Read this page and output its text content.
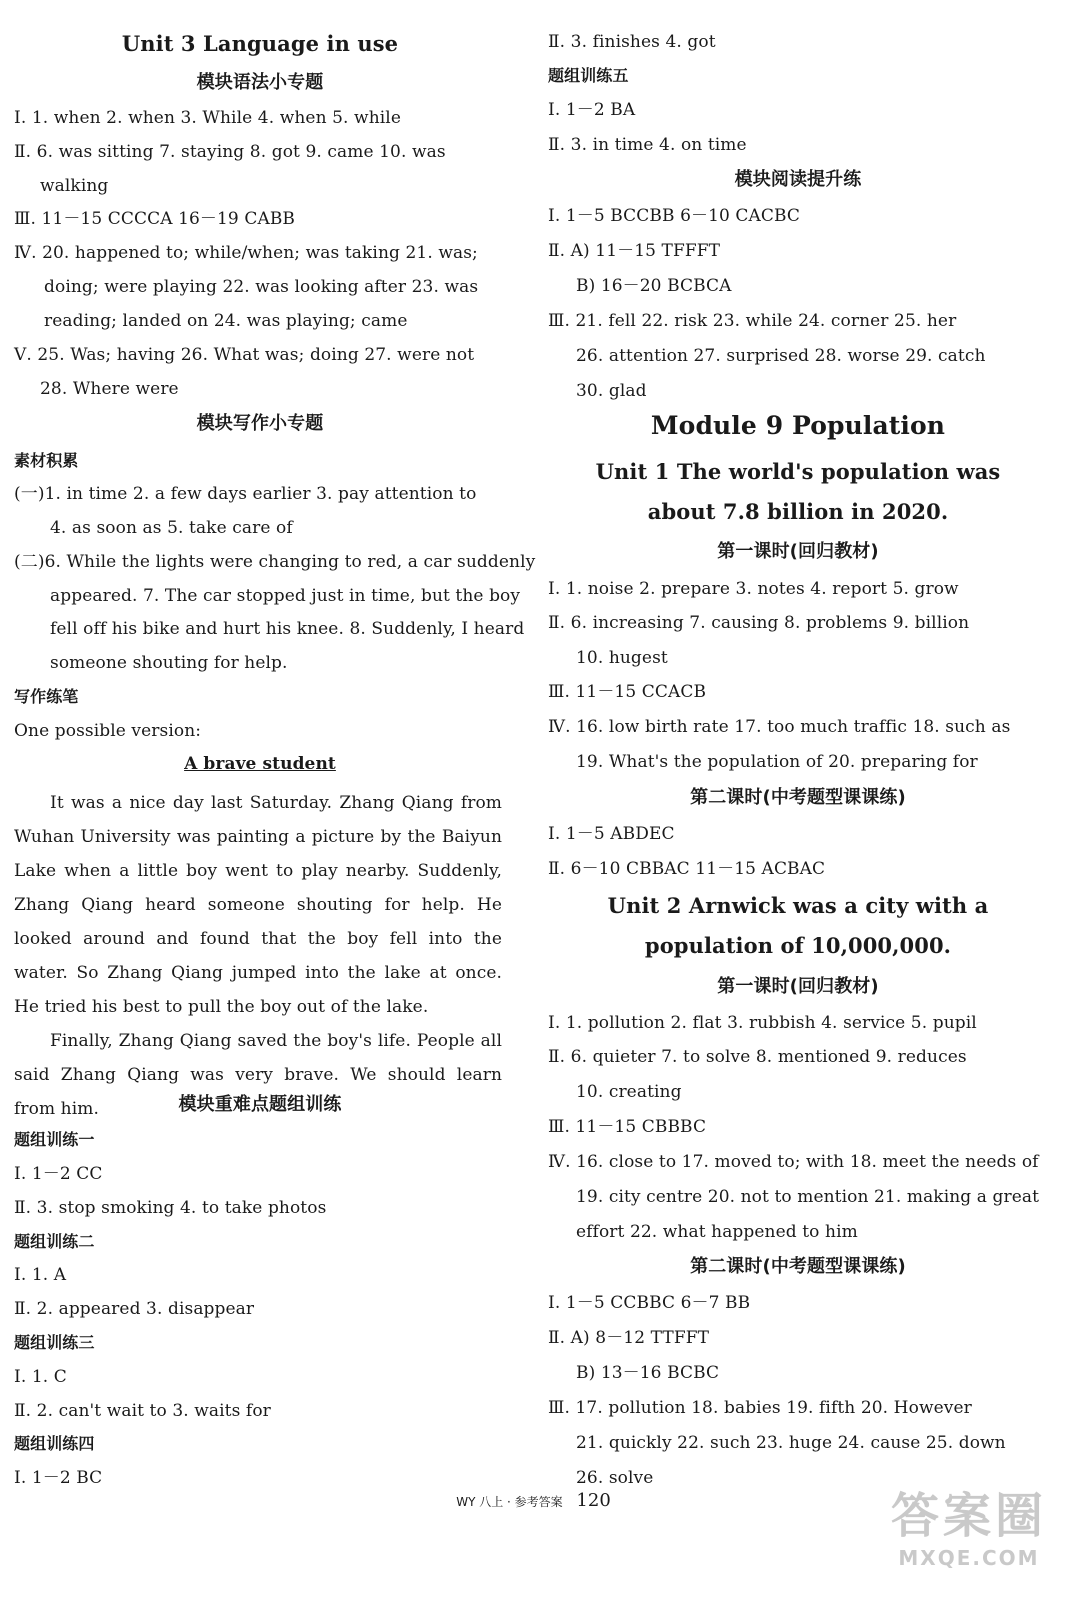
Unit 3 Language in use
模块语法小专题
Ⅰ. 1. when 2. when 3. While 4. when 5. while
Ⅱ. 6. was sitting 7. staying 8. got 9. came 10. was
walking
Ⅲ. 11－15 CCCCA 16－19 CABB
Ⅳ. 20. happened to; while/when; was taking 21. was;
doing; were playing 22. was looking after 23. was
reading; landed on 24. was playing; came
Ⅴ. 25. Was; having 26. What was; doing 27. were not
28. Where were
模块写作小专题
素材积累
(一)1. in time 2. a few days earlier 3. pay attention to
4. as soon as 5. take care of
(二)6. While the lights were changing to red, a car suddenly
appeared. 7. The car stopped just in time, but the boy
fell off his bike and hurt his knee. 8. Suddenly, I heard
someone shouting for help.
写作练笔
One possible version:
A brave student
It was a nice day last Saturday. Zhang Qiang from Wuhan University was painting a picture by the Baiyun Lake when a little boy went to play nearby. Suddenly, Zhang Qiang heard someone shouting for help. He looked around and found that the boy fell into the water. So Zhang Qiang jumped into the lake at once. He tried his best to pull the boy out of the lake.
Finally, Zhang Qiang saved the boy's life. People all said Zhang Qiang was very brave. We should learn from him.	模块重难点题组训练
题组训练一
Ⅰ. 1－2 CC
Ⅱ. 3. stop smoking 4. to take photos
题组训练二
Ⅰ. 1. A
Ⅱ. 2. appeared 3. disappear
题组训练三
Ⅰ. 1. C
Ⅱ. 2. can't wait to 3. waits for
题组训练四
Ⅰ. 1－2 BC
Ⅱ. 3. finishes 4. got
题组训练五
Ⅰ. 1－2 BA
Ⅱ. 3. in time 4. on time
模块阅读提升练
Ⅰ. 1－5 BCCBB 6－10 CACBC
Ⅱ. A) 11－15 TFFFT
B) 16－20 BCBCA
Ⅲ. 21. fell 22. risk 23. while 24. corner 25. her
26. attention 27. surprised 28. worse 29. catch
30. glad
Module 9 Population
Unit 1 The world's population was
about 7.8 billion in 2020.
第一课时(回归教材)
Ⅰ. 1. noise 2. prepare 3. notes 4. report 5. grow
Ⅱ. 6. increasing 7. causing 8. problems 9. billion
10. hugest
Ⅲ. 11－15 CCACB
Ⅳ. 16. low birth rate 17. too much traffic 18. such as
19. What's the population of 20. preparing for
第二课时(中考题型课课练)
Ⅰ. 1－5 ABDEC
Ⅱ. 6－10 CBBAC 11－15 ACBAC
Unit 2 Arnwick was a city with a
population of 10,000,000.
第一课时(回归教材)
Ⅰ. 1. pollution 2. flat 3. rubbish 4. service 5. pupil
Ⅱ. 6. quieter 7. to solve 8. mentioned 9. reduces
10. creating
Ⅲ. 11－15 CBBBC
Ⅳ. 16. close to 17. moved to; with 18. meet the needs of
19. city centre 20. not to mention 21. making a great
effort 22. what happened to him
第二课时(中考题型课课练)
Ⅰ. 1－5 CCBBC 6－7 BB
Ⅱ. A) 8－12 TTFFT
B) 13－16 BCBC
Ⅲ. 17. pollution 18. babies 19. fifth 20. However
21. quickly 22. such 23. huge 24. cause 25. down
26. solve
WY 八上 · 参考答案 120	答案圈
MXQE.COM
